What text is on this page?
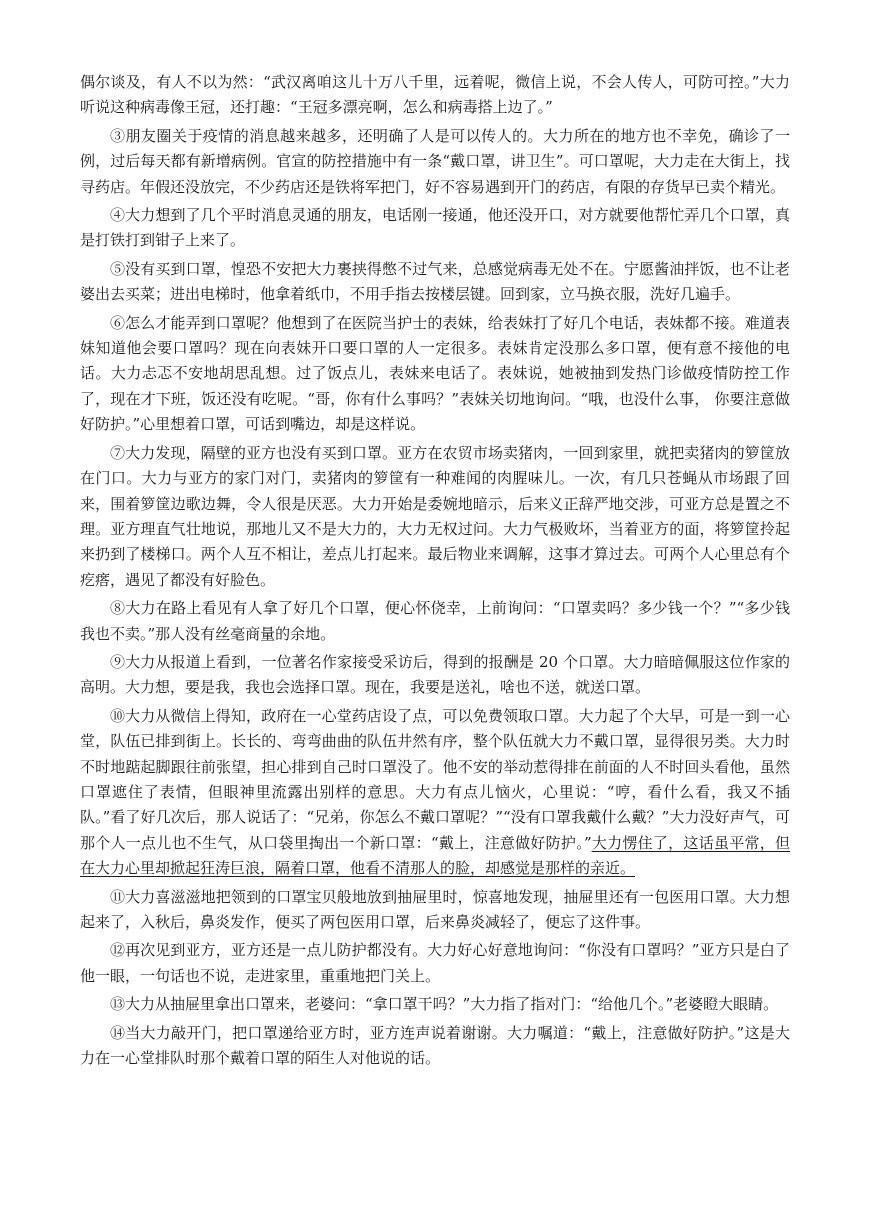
偶尔谈及，有人不以为然：“武汉离咱这儿十万八千里，远着呢，微信上说，不会人传人，可防可控。”大力听说这种病毒像王冠，还打趣：“王冠多漂亮啊，怎么和病毒搭上边了。”

③朋友圈关于疫情的消息越来越多，还明确了人是可以传人的。大力所在的地方也不幸免，确诊了一例，过后每天都有新增病例。官宣的防控措施中有一条“戴口罩，讲卫生”。可口罩呢，大力走在大街上，找寻药店。年假还没放完，不少药店还是铁将军把门，好不容易遇到开门的药店，有限的存货早已卖个精光。

④大力想到了几个平时消息灵通的朋友，电话刚一接通，他还没开口，对方就要他帮忙弄几个口罩，真是打铁打到钳子上来了。

⑤没有买到口罩，惶恐不安把大力裹挟得憋不过气来，总感觉病毒无处不在。宁愿酱油拌饭，也不让老婆出去买菜；进出电梯时，他拿着纸巾，不用手指去按楼层键。回到家，立马换衣服，洗好几遍手。

⑥怎么才能弄到口罩呢？他想到了在医院当护士的表妹，给表妹打了好几个电话，表妹都不接。难道表妹知道他会要口罩吗？现在向表妹开口要口罩的人一定很多。表妹肯定没那么多口罩，便有意不接他的电话。大力忐忑不安地胡思乱想。过了饭点儿，表妹来电话了。表妹说，她被抽到发热门诊做疫情防控工作了，现在才下班，饭还没有吃呢。“哥，你有什么事吗？”表妹关切地询问。“哦，也没什么事， 你要注意做好防护。”心里想着口罩，可话到嘴边，却是这样说。

⑦大力发现，隔壁的亚方也没有买到口罩。亚方在农贸市场卖猪肉，一回到家里，就把卖猪肉的箩筐放在门口。大力与亚方的家门对门，卖猪肉的箩筐有一种难闻的肉腥味儿。一次，有几只苍蝇从市场跟了回来，围着箩筐边歌边舞，令人很是厌恶。大力开始是委婉地暗示，后来义正辞严地交涉，可亚方总是置之不理。亚方理直气壮地说，那地儿又不是大力的，大力无权过问。大力气极败坏，当着亚方的面，将箩筐拎起来扔到了楼梯口。两个人互不相让，差点儿打起来。最后物业来调解，这事才算过去。可两个人心里总有个疙瘩，遇见了都没有好脸色。

⑧大力在路上看见有人拿了好几个口罩，便心怀侥幸，上前询问：“口罩卖吗？多少钱一个？”“多少钱我也不卖。”那人没有丝毫商量的余地。

⑨大力从报道上看到，一位著名作家接受采访后，得到的报酬是 20 个口罩。大力暗暗佩服这位作家的高明。大力想，要是我，我也会选择口罩。现在，我要是送礼，啥也不送，就送口罩。

⑩大力从微信上得知，政府在一心堂药店设了点，可以免费领取口罩。大力起了个大早，可是一到一心堂，队伍已排到街上。长长的、弯弯曲曲的队伍井然有序，整个队伍就大力不戴口罩，显得很另类。大力时不时地踮起脚跟往前张望，担心排到自己时口罩没了。他不安的举动惹得排在前面的人不时回头看他，虽然口罩遮住了表情，但眼神里流露出别样的意思。大力有点儿恼火，心里说：“哼，看什么看，我又不插队。”看了好几次后，那人说话了：“兄弟，你怎么不戴口罩呢？”“没有口罩我戴什么戴？”大力没好声气，可那个人一点儿也不生气，从口袋里掏出一个新口罩：“戴上，注意做好防护。”大力愣住了，这话虽平常，但在大力心里却掀起狂涛巨浪，隔着口罩，他看不清那人的脸，却感觉是那样的亲近。

⑪大力喜滋滋地把领到的口罩宝贝般地放到抽屉里时，惊喜地发现，抽屉里还有一包医用口罩。大力想起来了，入秋后，鼻炎发作，便买了两包医用口罩，后来鼻炎减轻了，便忘了这件事。

⑫再次见到亚方，亚方还是一点儿防护都没有。大力好心好意地询问：“你没有口罩吗？”亚方只是白了他一眼，一句话也不说，走进家里，重重地把门关上。

⑬大力从抽屉里拿出口罩来，老婆问：“拿口罩干吗？”大力指了指对门：“给他几个。”老婆瞪大眼睛。

⑭当大力敲开门，把口罩递给亚方时，亚方连声说着谢谢。大力嘱道：“戴上，注意做好防护。”这是大力在一心堂排队时那个戴着口罩的陌生人对他说的话。
